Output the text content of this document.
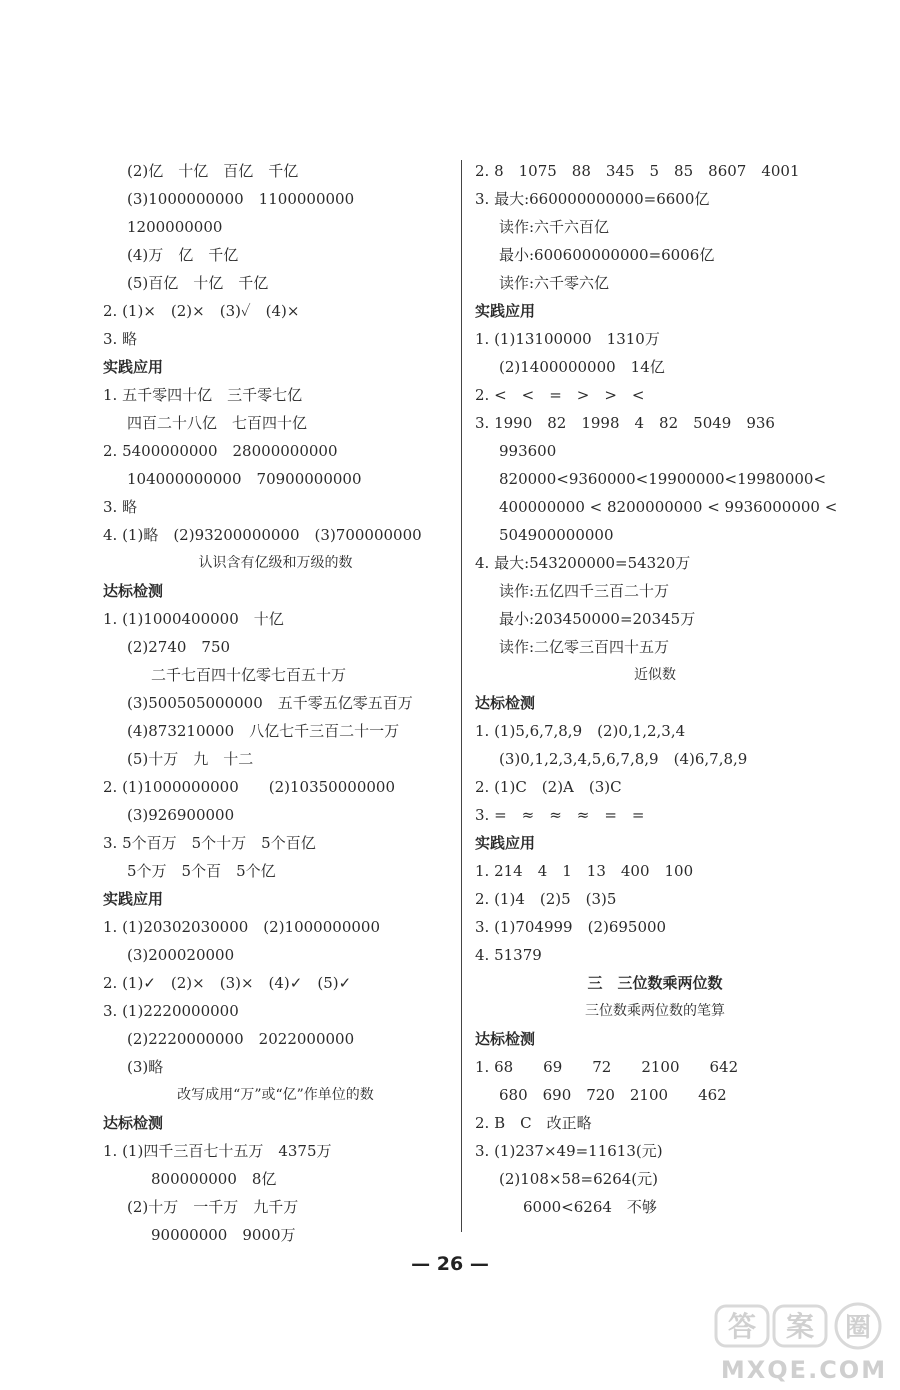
(2)亿　十亿　百亿　千亿
(3)1000000000　1100000000
1200000000
(4)万　亿　千亿
(5)百亿　十亿　千亿
2. (1)×　(2)×　(3)✓　(4)×
3. 略
实践应用
1. 五千零四十亿　三千零七亿
四百二十八亿　七百四十亿
2. 5400000000　28000000000
104000000000　70900000000
3. 略
4. (1)略　(2)93200000000　(3)700000000
认识含有亿级和万级的数
达标检测
1. (1)1000400000　十亿
(2)2740　750
二千七百四十亿零七百五十万
(3)500505000000　五千零五亿零五百万
(4)873210000　八亿七千三百二十一万
(5)十万　九　十二
2. (1)1000000000　　(2)10350000000
(3)926900000
3. 5个百万　5个十万　5个百亿
5个万　5个百　5个亿
实践应用
1. (1)20302030000　(2)1000000000
(3)200020000
2. (1)✓　(2)×　(3)×　(4)✓　(5)✓
3. (1)2220000000
(2)2220000000　2022000000
(3)略
改写成用“万”或“亿”作单位的数
达标检测
1. (1)四千三百七十五万　4375万
800000000　8亿
(2)十万　一千万　九千万
90000000　9000万
2. 8　1075　88　345　5　85　8607　4001
3. 最大:660000000000=6600亿
读作:六千六百亿
最小:600600000000=6006亿
读作:六千零六亿
实践应用
1. (1)13100000　1310万
(2)1400000000　14亿
2. <　<　=　>　>　<
3. 1990　82　1998　4　82　5049　936
993600
820000<9360000<19900000<19980000<
400000000 < 8200000000 < 9936000000 <
504900000000
4. 最大:543200000=54320万
读作:五亿四千三百二十万
最小:203450000=20345万
读作:二亿零三百四十五万
近似数
达标检测
1. (1)5,6,7,8,9　(2)0,1,2,3,4
(3)0,1,2,3,4,5,6,7,8,9　(4)6,7,8,9
2. (1)C　(2)A　(3)C
3. =　≈　≈　≈　=　=
实践应用
1. 214　4　1　13　400　100
2. (1)4　(2)5　(3)5
3. (1)704999　(2)695000
4. 51379
三　三位数乘两位数
三位数乘两位数的笔算
达标检测
1. 68　　69　　72　　2100　　642
680　690　720　2100　　462
2. B　C　改正略
3. (1)237×49=11613(元)
(2)108×58=6264(元)
6000<6264　不够
— 26 —
答 案 圈
MXQE.COM
